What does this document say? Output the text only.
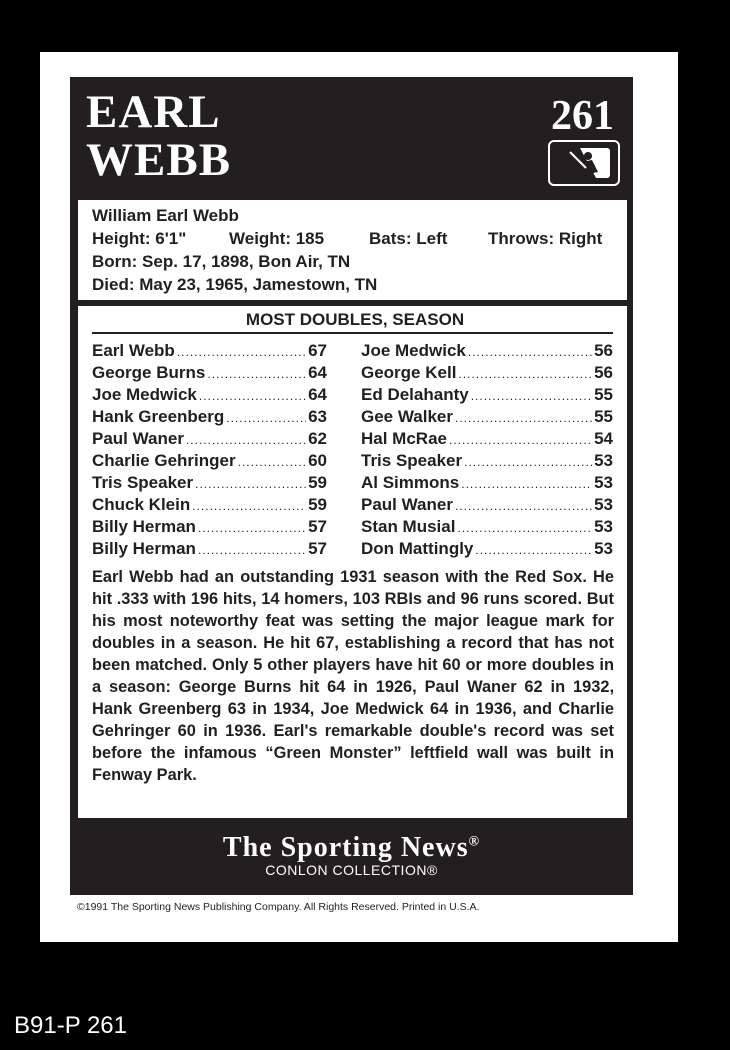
EARL
WEBB
261
William Earl Webb
Height: 6'1"	Weight: 185	Bats: Left Throws: Right
Born: Sep. 17, 1898, Bon Air, TN
Died: May 23, 1965, Jamestown, TN
MOST DOUBLES, SEASON
Earl Webb .....	67
George Burns .....	64
Joe Medwick .....	64
Hank Greenberg .....	63
Paul Waner .....	62
Charlie Gehringer .....	60
Tris Speaker .....	59
Chuck Klein .....	59
Billy Herman .....	57
Billy Herman .....	57
Joe Medwick .....	56
George Kell .....	56
Ed Delahanty .....	55
Gee Walker .....	55
Hal McRae .....	54
Tris Speaker .....	53
Al Simmons .....	53
Paul Waner .....	53
Stan Musial .....	53
Don Mattingly .....	53
Earl Webb had an outstanding 1931 season with the Red Sox. He hit .333 with 196 hits, 14 homers, 103 RBIs and 96 runs scored. But his most noteworthy feat was setting the major league mark for doubles in a season. He hit 67, establishing a record that has not been matched. Only 5 other players have hit 60 or more doubles in a season: George Burns hit 64 in 1926, Paul Waner 62 in 1932, Hank Greenberg 63 in 1934, Joe Medwick 64 in 1936, and Charlie Gehringer 60 in 1936. Earl's remarkable double's record was set before the infamous “Green Monster” leftfield wall was built in Fenway Park.
The Sporting News®
CONLON COLLECTION®
©1991 The Sporting News Publishing Company. All Rights Reserved. Printed in U.S.A.
B91-P 261
